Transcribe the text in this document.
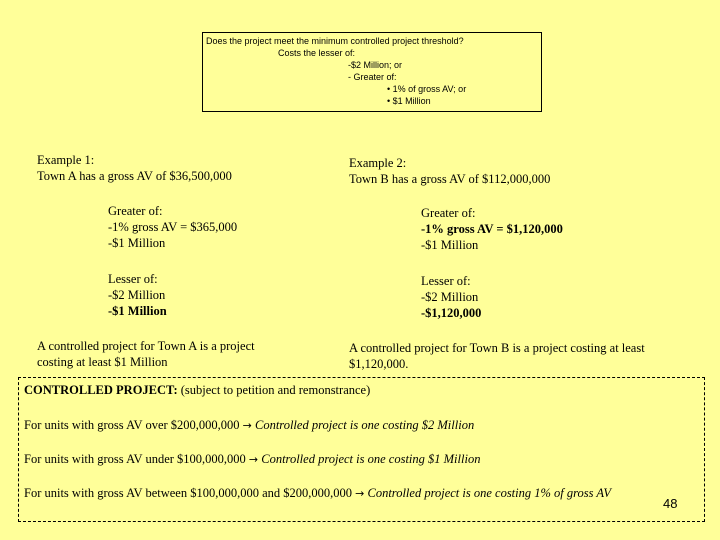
Does the project meet the minimum controlled project threshold?
Costs the lesser of:
-$2 Million; or
- Greater of:
• 1% of gross AV; or
• $1 Million
Example 1:
Town A has a gross AV of $36,500,000
Greater of:
-1% gross AV = $365,000
-$1 Million
Lesser of:
-$2 Million
-$1 Million
A controlled project for Town A is a project
costing at least $1 Million
Example 2:
Town B has a gross AV of $112,000,000
Greater of:
-1% gross AV = $1,120,000
-$1 Million
Lesser of:
-$2 Million
-$1,120,000
A controlled project for Town B is a project costing at least
$1,120,000.
CONTROLLED PROJECT: (subject to petition and remonstrance)
For units with gross AV over $200,000,000 → Controlled project is one costing $2 Million
For units with gross AV under $100,000,000 → Controlled project is one costing $1 Million
For units with gross AV between $100,000,000 and $200,000,000 → Controlled project is one costing 1% of gross AV
48
